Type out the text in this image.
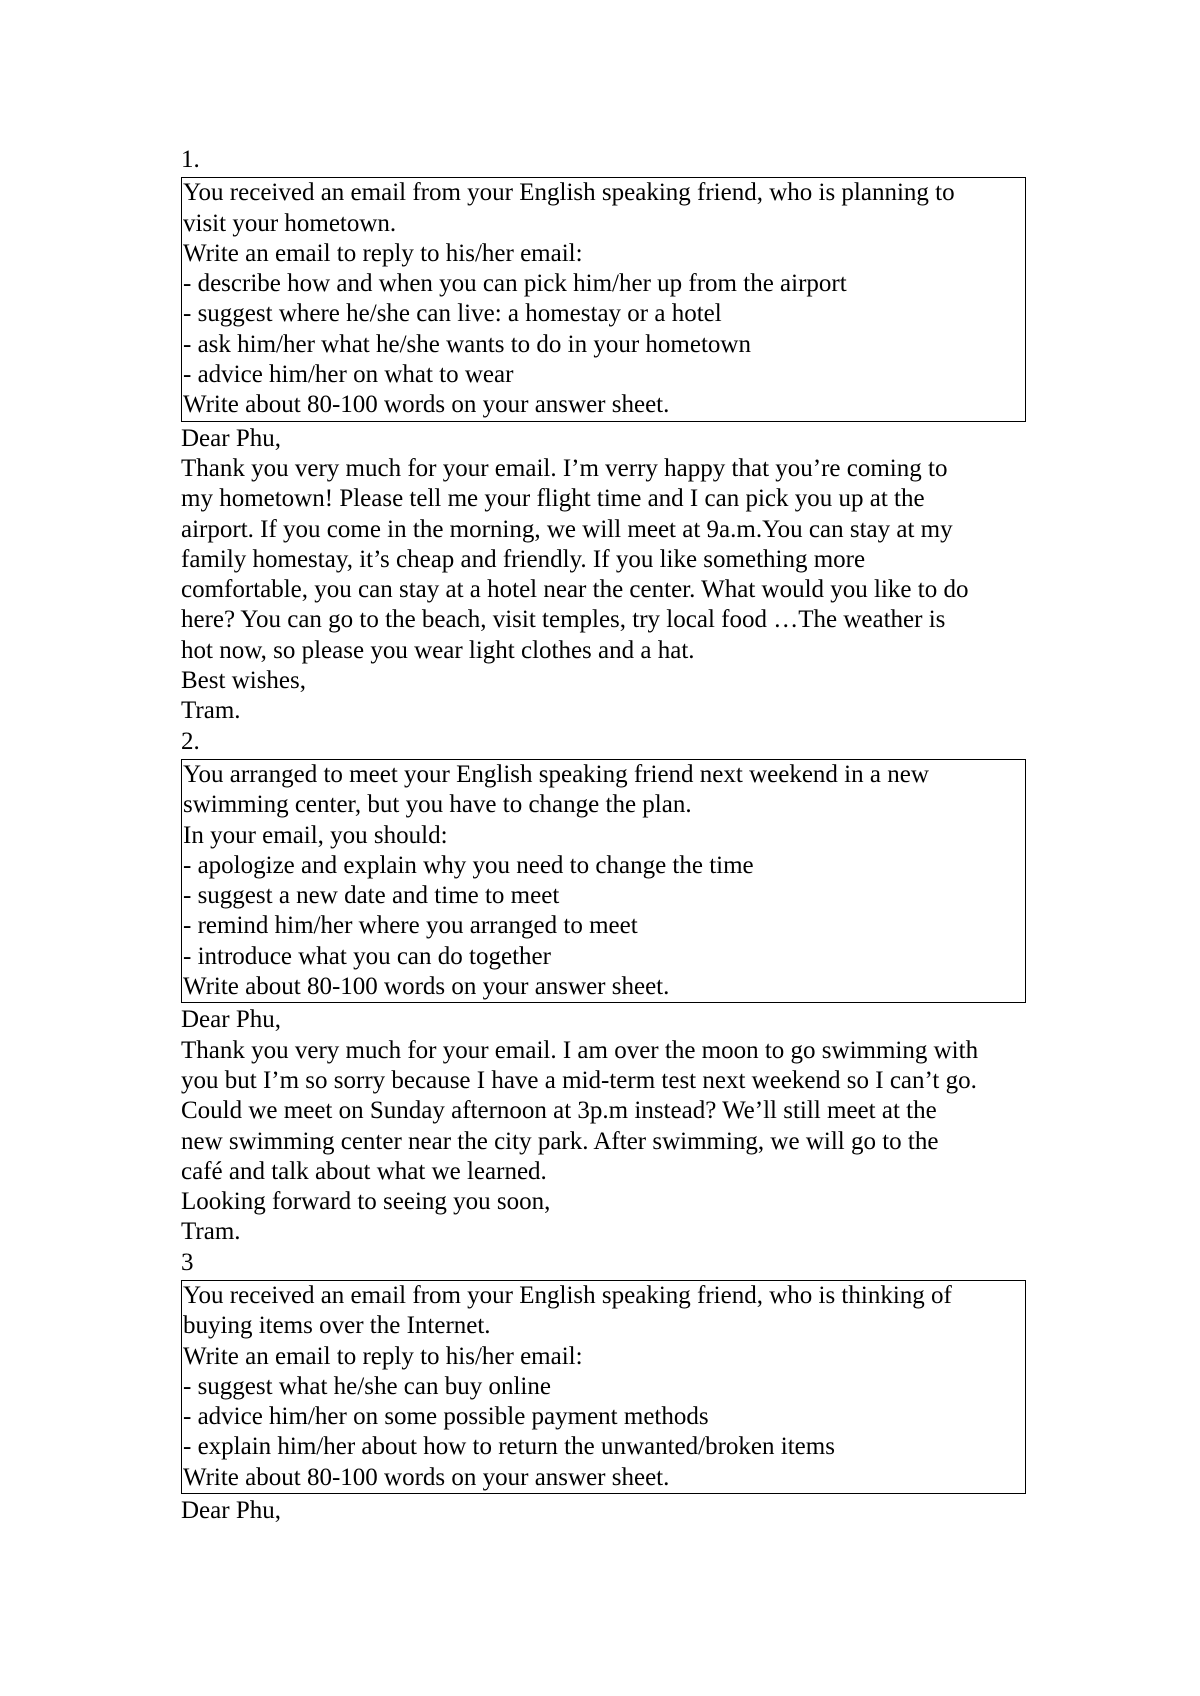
1.
You received an email from your English speaking friend, who is planning to
visit your hometown.
Write an email to reply to his/her email:
- describe how and when you can pick him/her up from the airport
- suggest where he/she can live: a homestay or a hotel
- ask him/her what he/she wants to do in your hometown
- advice him/her on what to wear
Write about 80-100 words on your answer sheet.
Dear Phu,
Thank you very much for your email. I’m verry happy that you’re coming to
my hometown! Please tell me your flight time and I can pick you up at the
airport. If you come in the morning, we will meet at 9a.m.You can stay at my
family homestay, it’s cheap and friendly. If you like something more
comfortable, you can stay at a hotel near the center. What would you like to do
here? You can go to the beach, visit temples, try local food …The weather is
hot now, so please you wear light clothes and a hat.
Best wishes,
Tram.
2.
You arranged to meet your English speaking friend next weekend in a new
swimming center, but you have to change the plan.
In your email, you should:
- apologize and explain why you need to change the time
- suggest a new date and time to meet
- remind him/her where you arranged to meet
- introduce what you can do together
Write about 80-100 words on your answer sheet.
Dear Phu,
Thank you very much for your email. I am over the moon to go swimming with
you but I’m so sorry because I have a mid-term test next weekend so I can’t go.
Could we meet on Sunday afternoon at 3p.m instead? We’ll still meet at the
new swimming center near the city park. After swimming, we will go to the
café and talk about what we learned.
Looking forward to seeing you soon,
Tram.
3
You received an email from your English speaking friend, who is thinking of
buying items over the Internet.
Write an email to reply to his/her email:
- suggest what he/she can buy online
- advice him/her on some possible payment methods
- explain him/her about how to return the unwanted/broken items
Write about 80-100 words on your answer sheet.
Dear Phu,
